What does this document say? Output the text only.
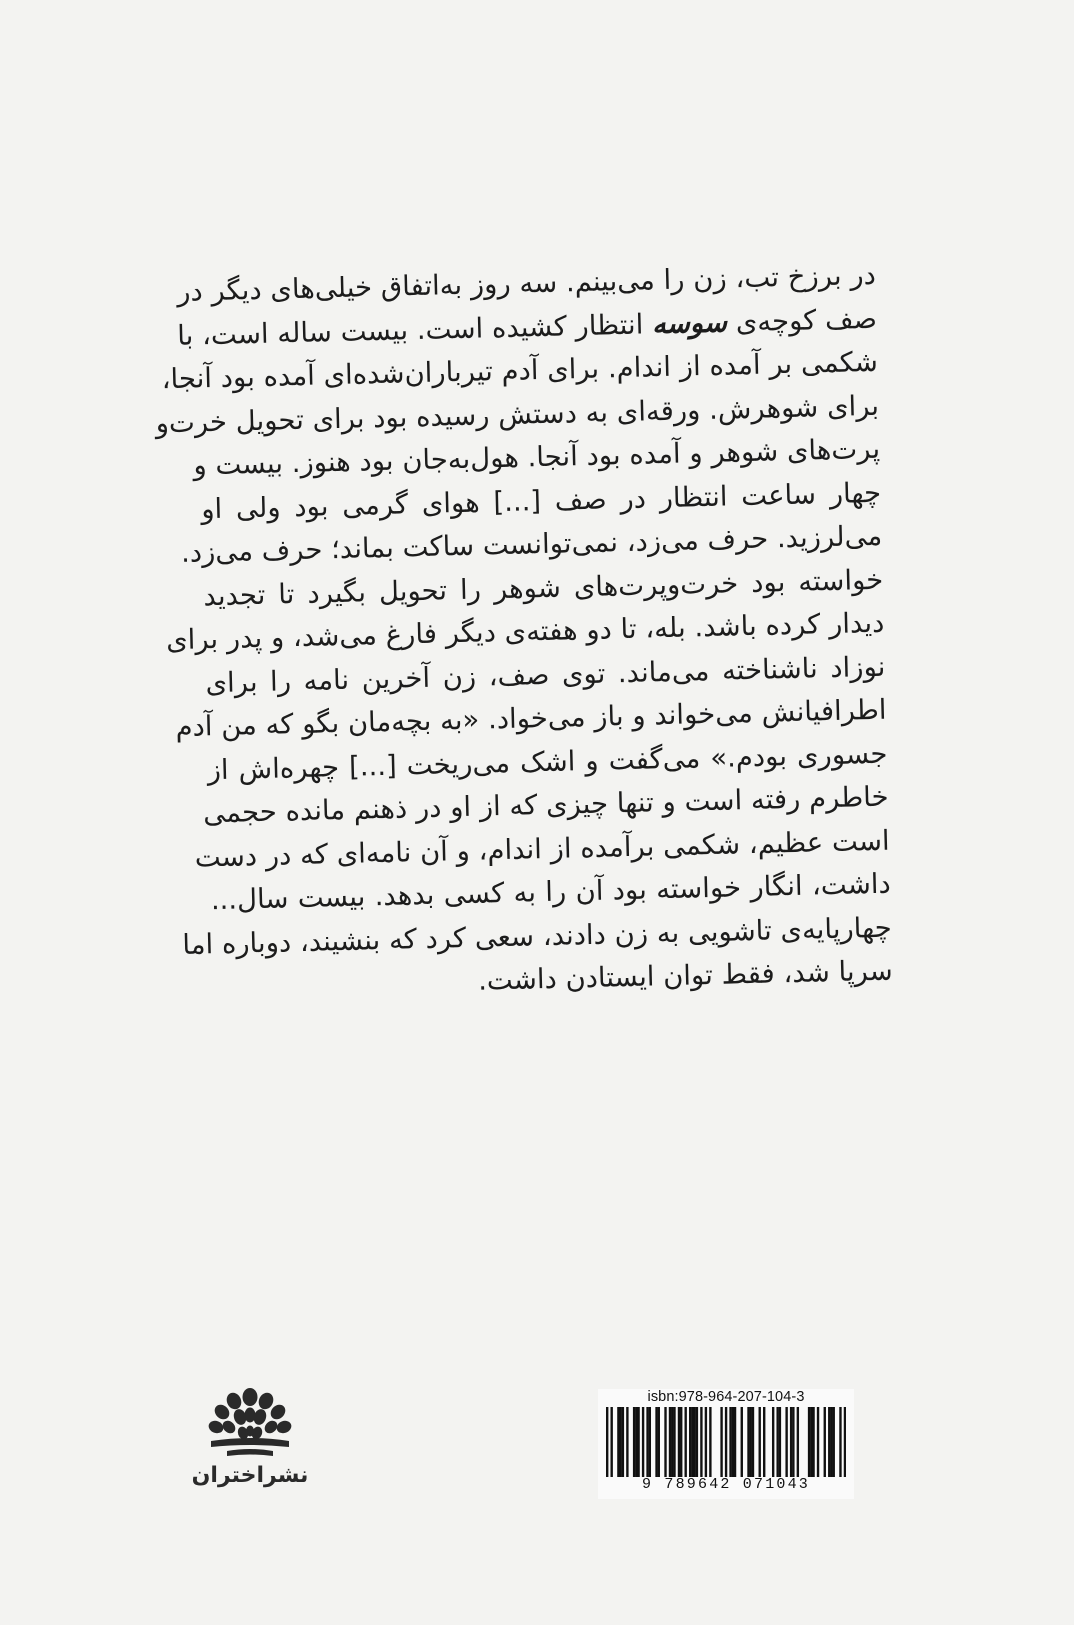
در برزخ تب، زن را می‌بینم. سه روز به‌اتفاق خیلی‌های دیگر در
صف کوچه‌ی سوسه انتظار کشیده است. بیست ساله است، با
شکمی بر آمده از اندام. برای آدم تیرباران‌شده‌ای آمده بود آنجا،
برای شوهرش. ورقه‌ای به دستش رسیده بود برای تحویل خرت‌و
پرت‌های شوهر و آمده بود آنجا. هول‌به‌جان بود هنوز. بیست و
چهار ساعت انتظار در صف [...] هوای گرمی بود ولی او
می‌لرزید. حرف می‌زد، نمی‌توانست ساکت بماند؛ حرف می‌زد.
خواسته بود خرت‌وپرت‌های شوهر را تحویل بگیرد تا تجدید
دیدار کرده باشد. بله، تا دو هفته‌ی دیگر فارغ می‌شد، و پدر برای
نوزاد ناشناخته می‌ماند. توی صف، زن آخرین نامه را برای
اطرافیانش می‌خواند و باز می‌خواد. «به بچه‌مان بگو که من آدم
جسوری بودم.» می‌گفت و اشک می‌ریخت [...] چهره‌اش از
خاطرم رفته است و تنها چیزی که از او در ذهنم مانده حجمی
است عظیم، شکمی برآمده از اندام، و آن نامه‌ای که در دست
داشت، انگار خواسته بود آن را به کسی بدهد. بیست سال...
چهارپایه‌ی تاشویی به زن دادند، سعی کرد که بنشیند، دوباره اما
سرپا شد، فقط توان ایستادن داشت.
نشراختران
isbn:978-964-207-104-3
9 789642 071043
